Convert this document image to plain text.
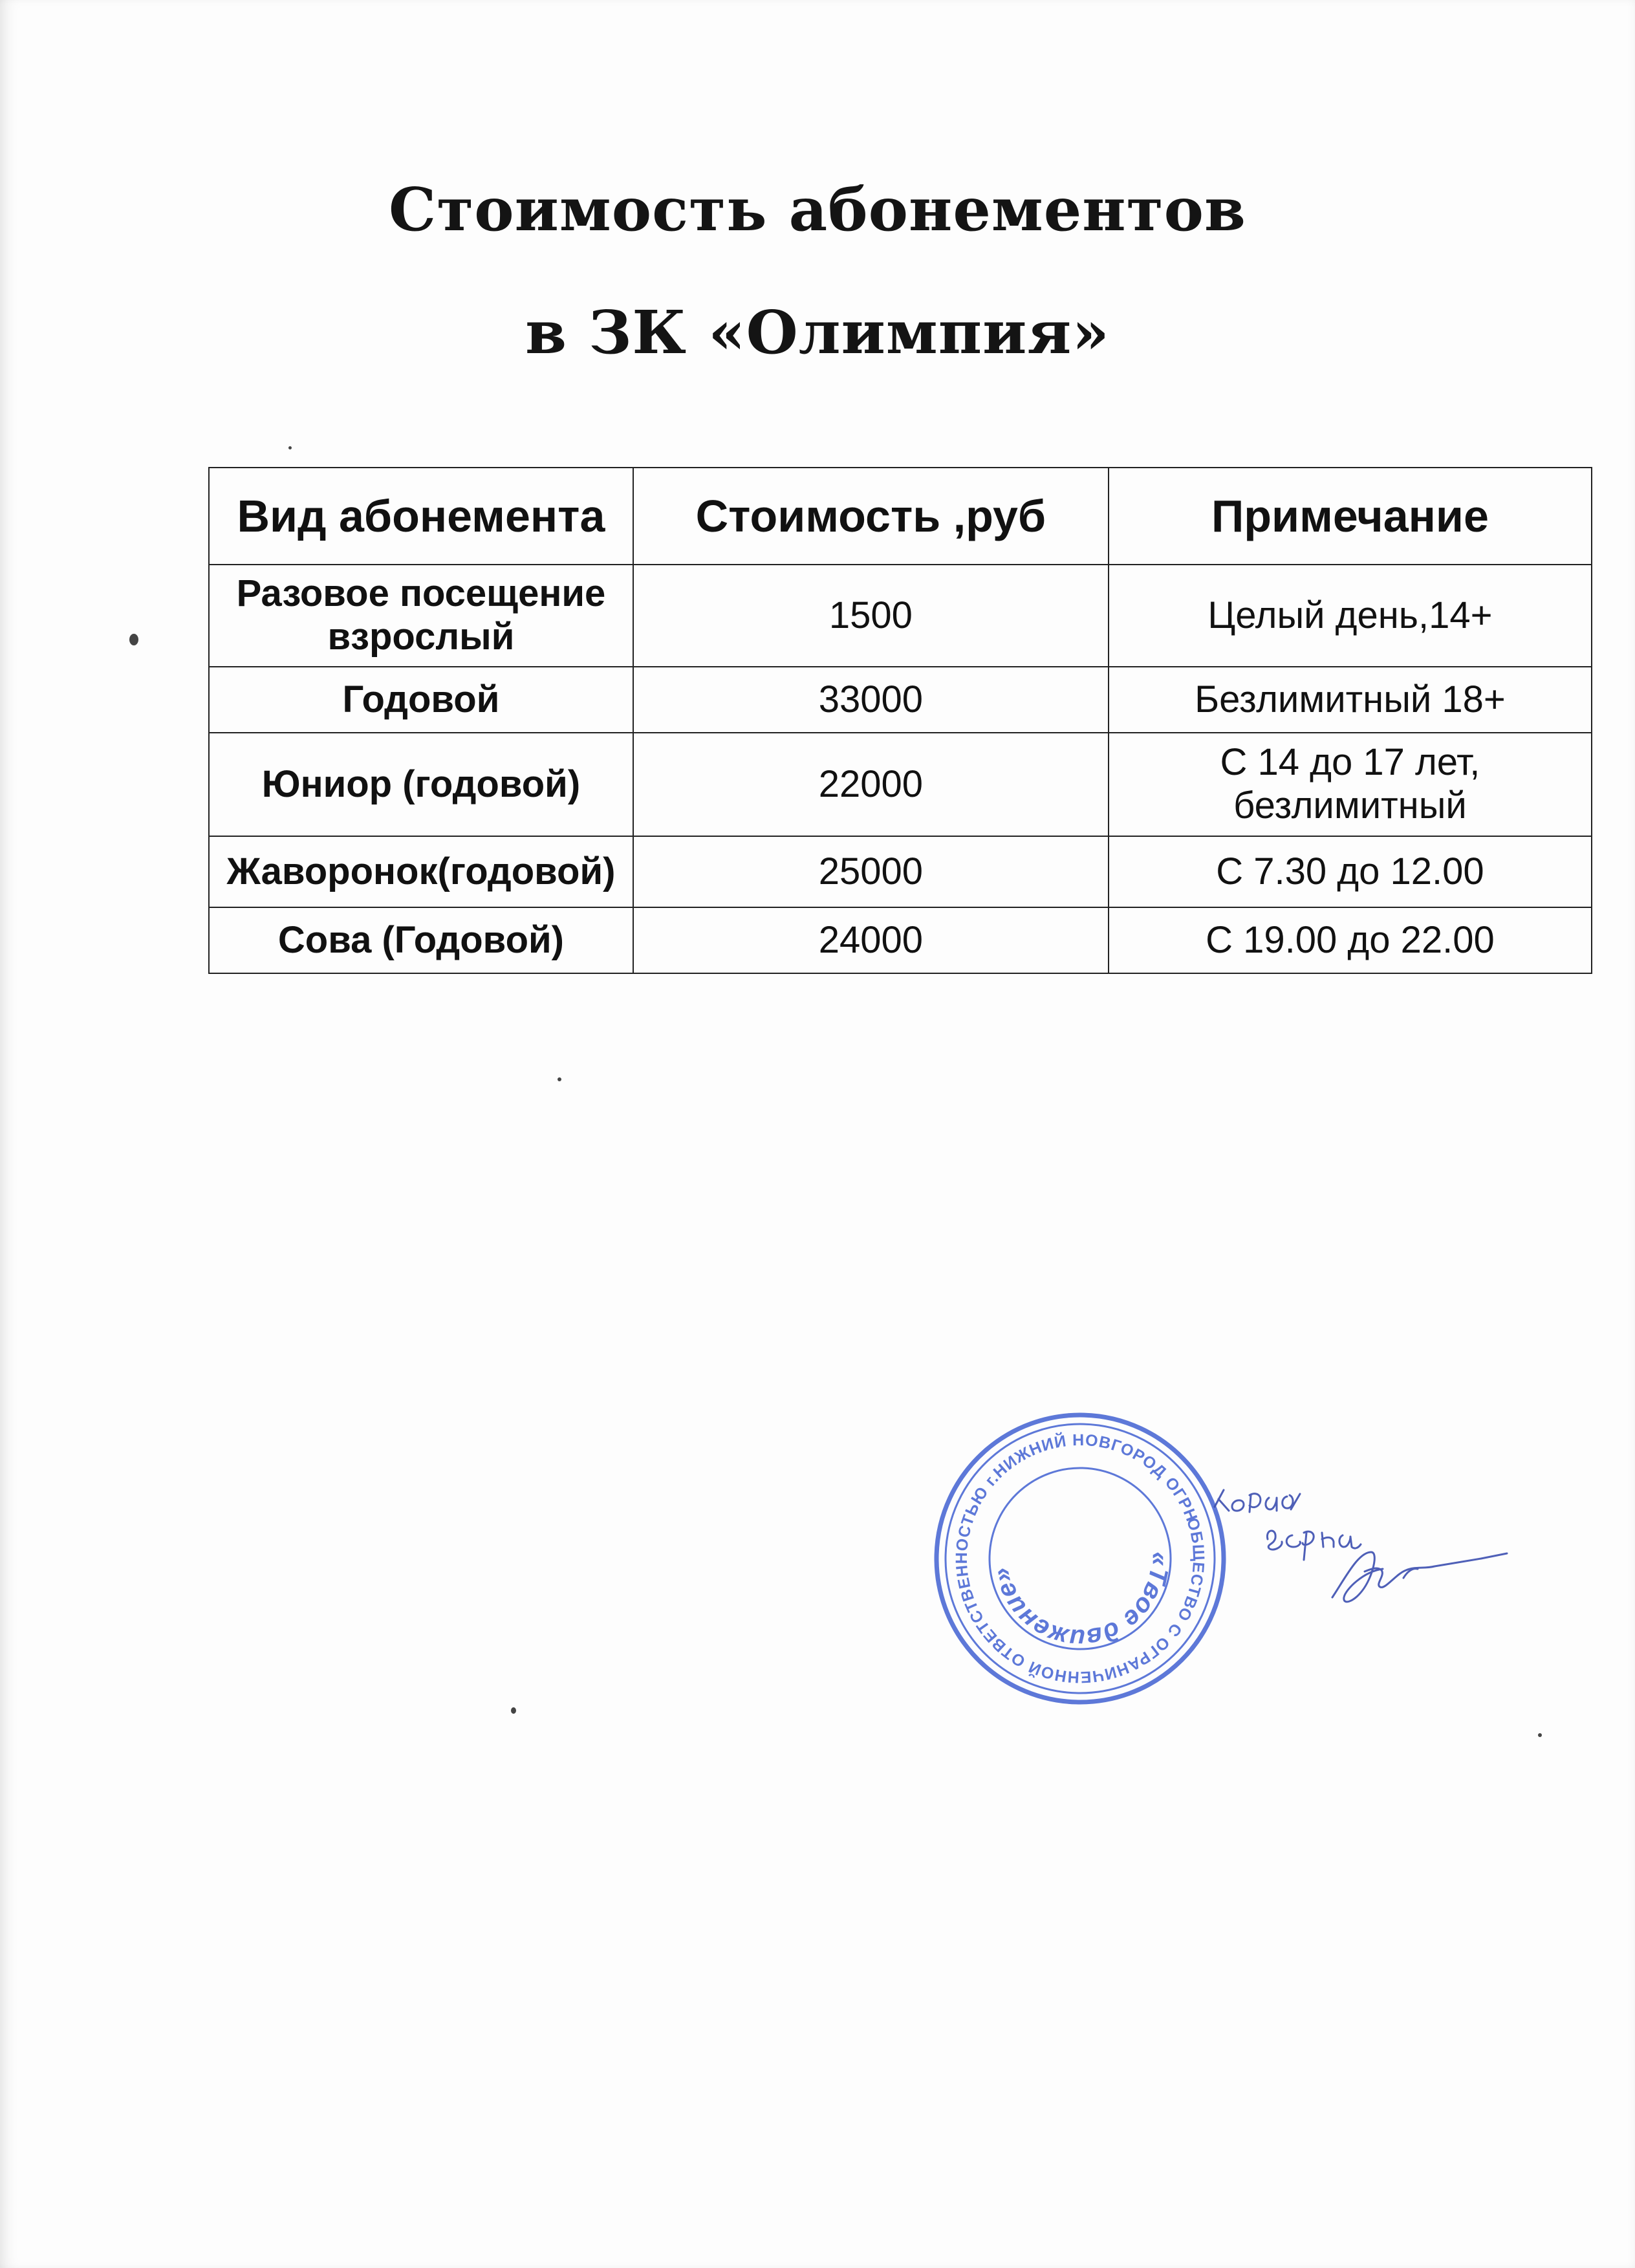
Стоимость абонементов
в ЗК «Олимпия»
Вид абонемента	Стоимость ,руб	Примечание
Разовое посещение взрослый	1500	Целый день,14+
Годовой	33000	Безлимитный 18+
Юниор (годовой)	22000	С 14 до 17 лет, безлимитный
Жаворонок(годовой)	25000	С 7.30 до 12.00
Сова (Годовой)	24000	С 19.00 до 22.00
ОБЩЕСТВО С ОГРАНИЧЕННОЙ ОТВЕТСТВЕННОСТЬЮ г.НИЖНИЙ НОВГОРОД ОГРН
«Твое движение»
копия верна
